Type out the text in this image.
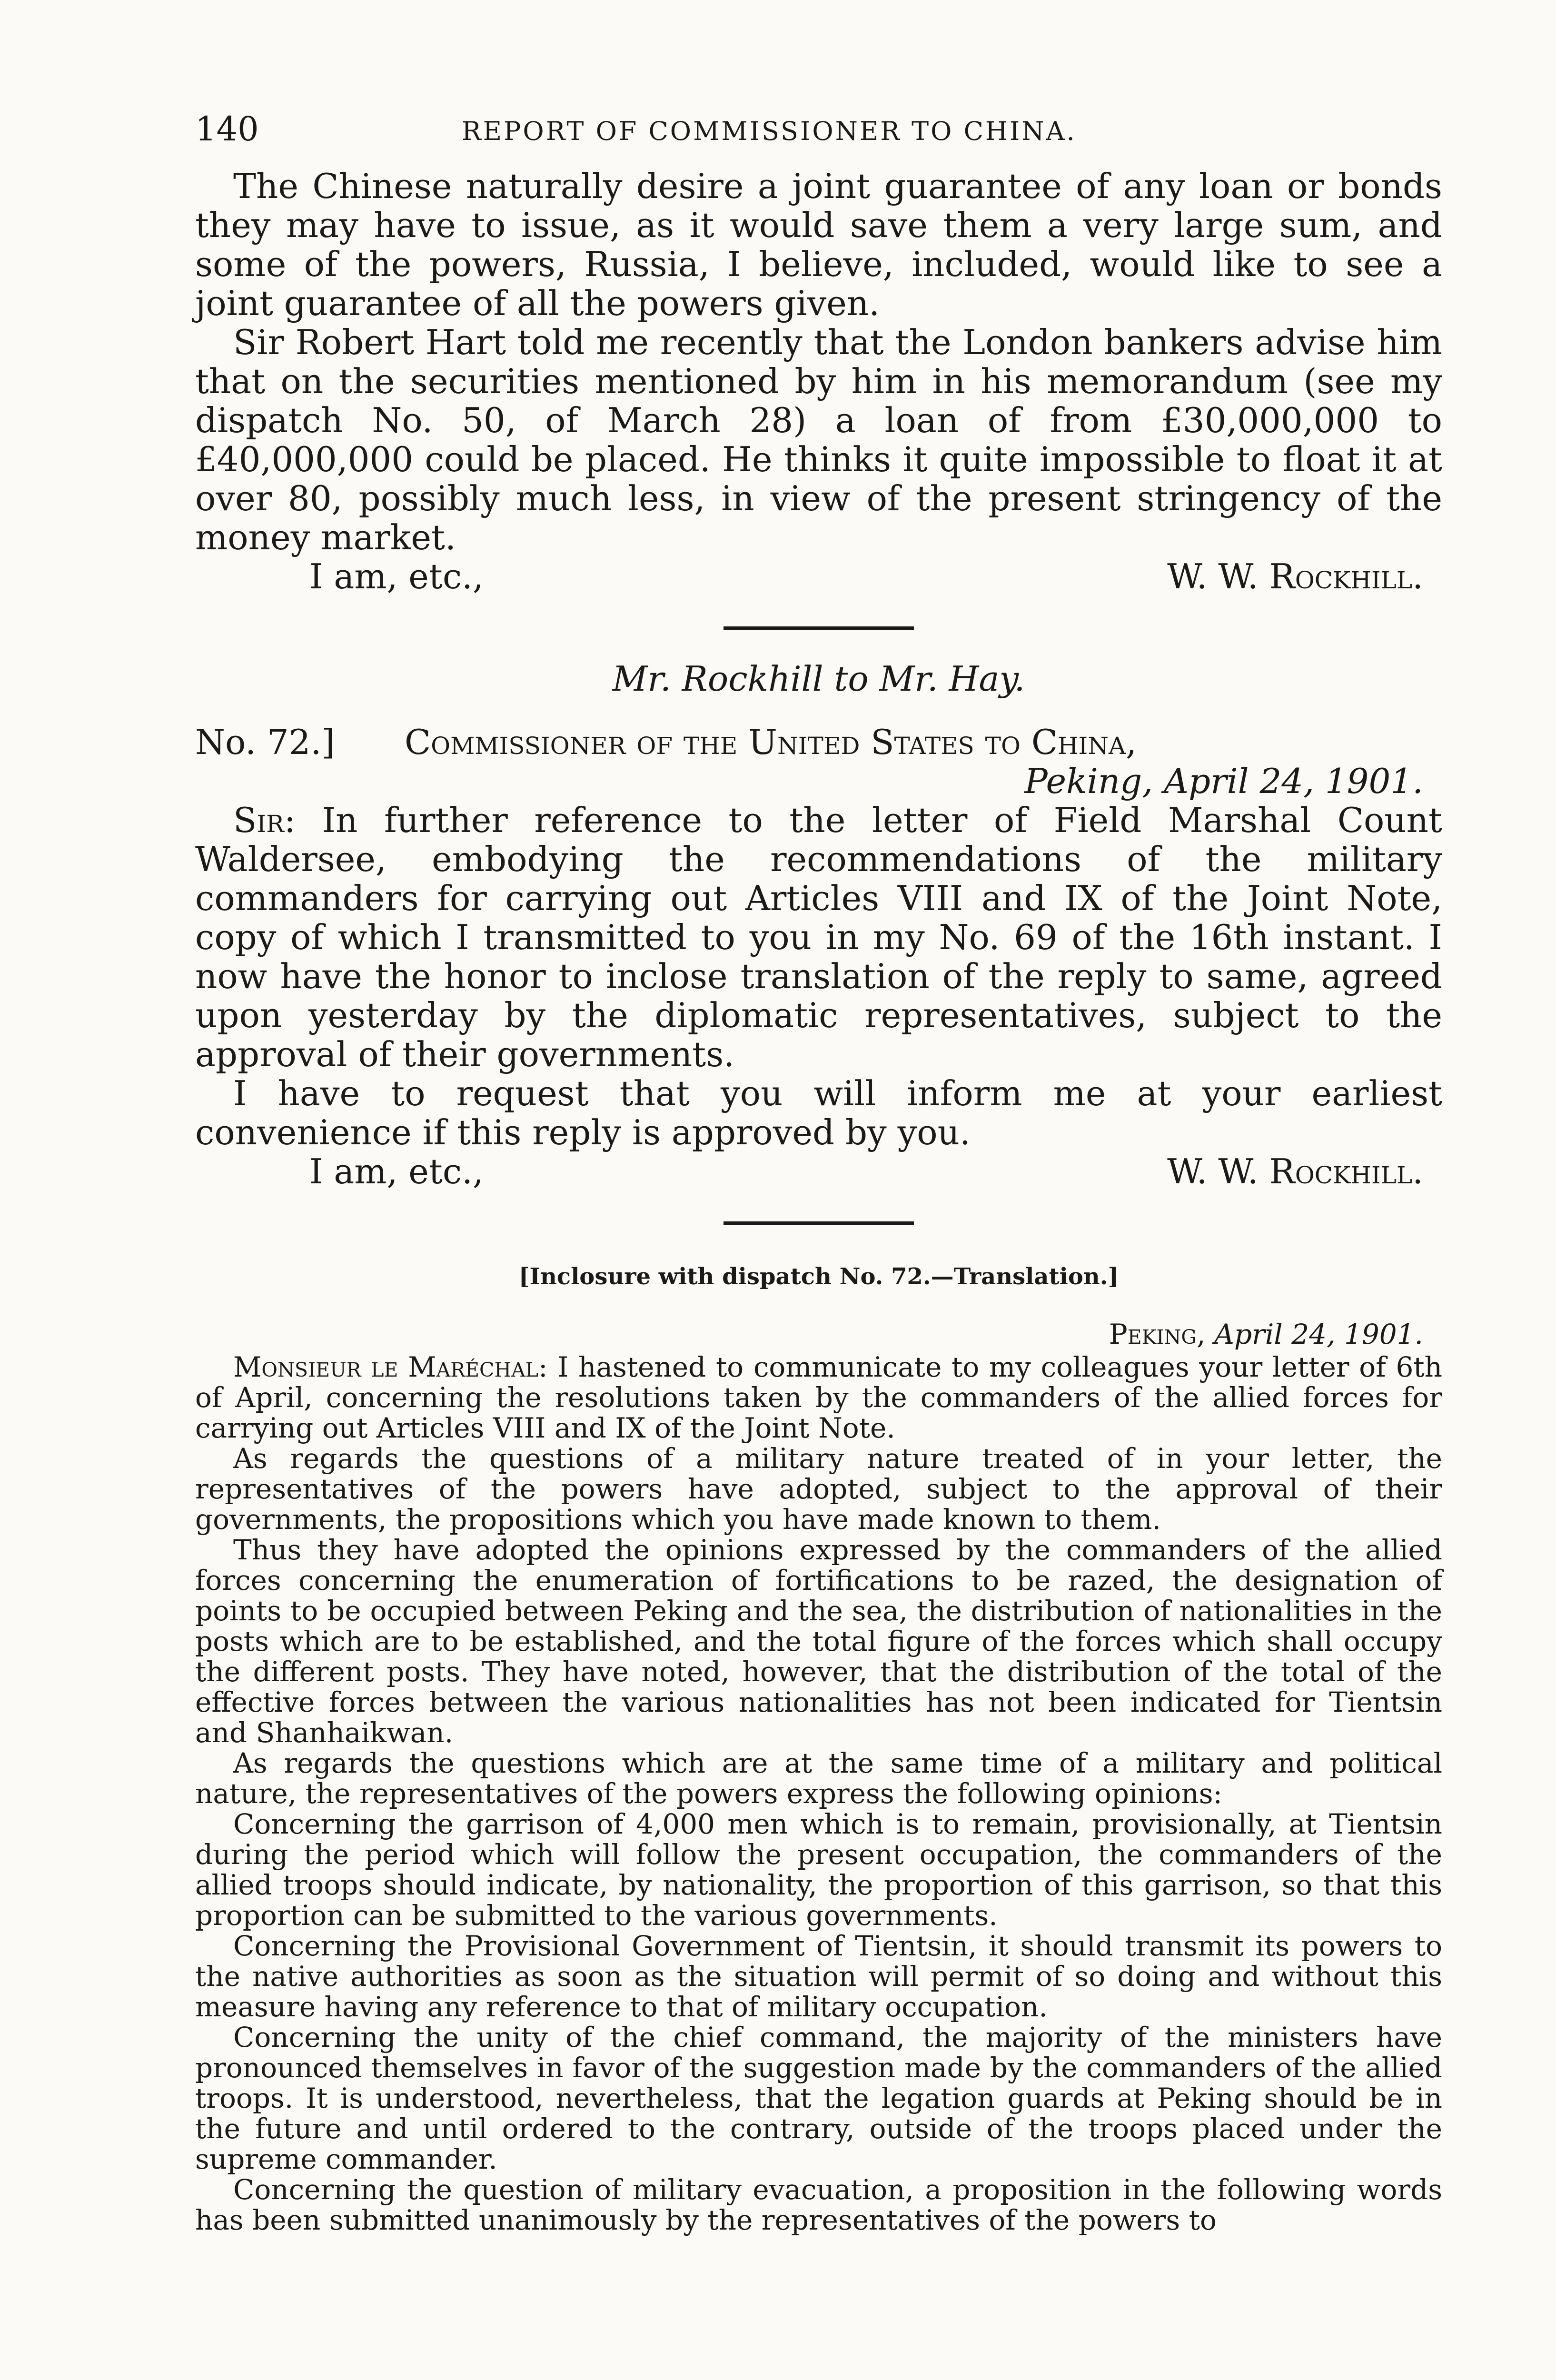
140	REPORT OF COMMISSIONER TO CHINA.

The Chinese naturally desire a joint guarantee of any loan or bonds they may have to issue, as it would save them a very large sum, and some of the powers, Russia, I believe, included, would like to see a joint guarantee of all the powers given.

Sir Robert Hart told me recently that the London bankers advise him that on the securities mentioned by him in his memorandum (see my dispatch No. 50, of March 28) a loan of from £30,000,000 to £40,000,000 could be placed. He thinks it quite impossible to float it at over 80, possibly much less, in view of the present stringency of the money market.

I am, etc.,	W. W. Rockhill.
Mr. Rockhill to Mr. Hay.
No. 72.] Commissioner of the United States to China,
Peking, April 24, 1901.

Sir: In further reference to the letter of Field Marshal Count Waldersee, embodying the recommendations of the military commanders for carrying out Articles VIII and IX of the Joint Note, copy of which I transmitted to you in my No. 69 of the 16th instant. I now have the honor to inclose translation of the reply to same, agreed upon yesterday by the diplomatic representatives, subject to the approval of their governments.

I have to request that you will inform me at your earliest convenience if this reply is approved by you.

I am, etc.,	W. W. Rockhill.
[Inclosure with dispatch No. 72.—Translation.]
Peking, April 24, 1901.

Monsieur le Maréchal: I hastened to communicate to my colleagues your letter of 6th of April, concerning the resolutions taken by the commanders of the allied forces for carrying out Articles VIII and IX of the Joint Note.

As regards the questions of a military nature treated of in your letter, the representatives of the powers have adopted, subject to the approval of their governments, the propositions which you have made known to them.

Thus they have adopted the opinions expressed by the commanders of the allied forces concerning the enumeration of fortifications to be razed, the designation of points to be occupied between Peking and the sea, the distribution of nationalities in the posts which are to be established, and the total figure of the forces which shall occupy the different posts. They have noted, however, that the distribution of the total of the effective forces between the various nationalities has not been indicated for Tientsin and Shanhaikwan.

As regards the questions which are at the same time of a military and political nature, the representatives of the powers express the following opinions:

Concerning the garrison of 4,000 men which is to remain, provisionally, at Tientsin during the period which will follow the present occupation, the commanders of the allied troops should indicate, by nationality, the proportion of this garrison, so that this proportion can be submitted to the various governments.

Concerning the Provisional Government of Tientsin, it should transmit its powers to the native authorities as soon as the situation will permit of so doing and without this measure having any reference to that of military occupation.

Concerning the unity of the chief command, the majority of the ministers have pronounced themselves in favor of the suggestion made by the commanders of the allied troops. It is understood, nevertheless, that the legation guards at Peking should be in the future and until ordered to the contrary, outside of the troops placed under the supreme commander.

Concerning the question of military evacuation, a proposition in the following words has been submitted unanimously by the representatives of the powers to
